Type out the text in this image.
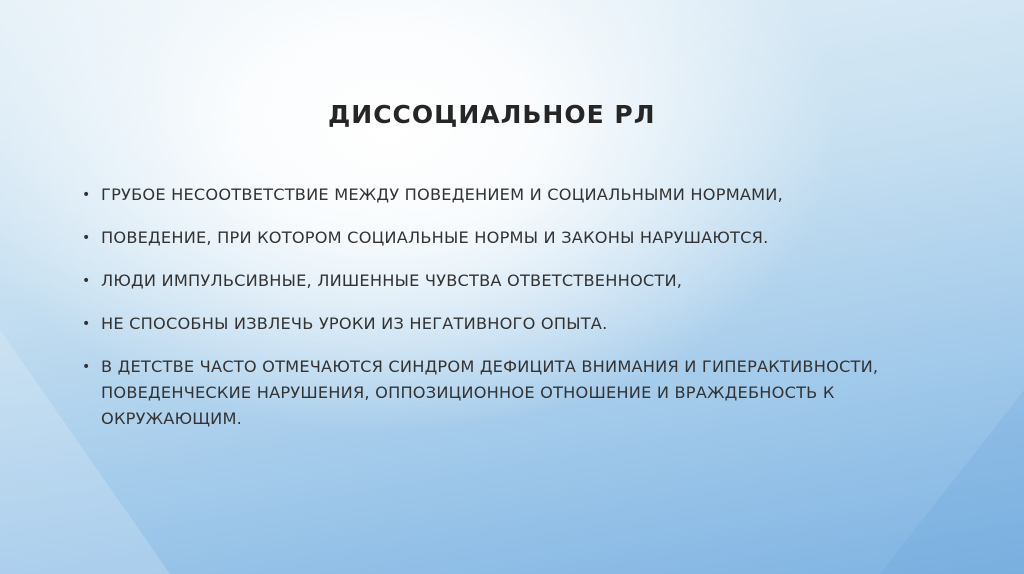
ДИССОЦИАЛЬНОЕ РЛ
• ГРУБОЕ НЕСООТВЕТСТВИЕ МЕЖДУ ПОВЕДЕНИЕМ И СОЦИАЛЬНЫМИ НОРМАМИ,
• ПОВЕДЕНИЕ, ПРИ КОТОРОМ СОЦИАЛЬНЫЕ НОРМЫ И ЗАКОНЫ НАРУШАЮТСЯ.
• ЛЮДИ ИМПУЛЬСИВНЫЕ, ЛИШЕННЫЕ ЧУВСТВА ОТВЕТСТВЕННОСТИ,
• НЕ СПОСОБНЫ ИЗВЛЕЧЬ УРОКИ ИЗ НЕГАТИВНОГО ОПЫТА.
• В ДЕТСТВЕ ЧАСТО ОТМЕЧАЮТСЯ СИНДРОМ ДЕФИЦИТА ВНИМАНИЯ И ГИПЕРАКТИВНОСТИ, ПОВЕДЕНЧЕСКИЕ НАРУШЕНИЯ, ОППОЗИЦИОННОЕ ОТНОШЕНИЕ И ВРАЖДЕБНОСТЬ К ОКРУЖАЮЩИМ.
